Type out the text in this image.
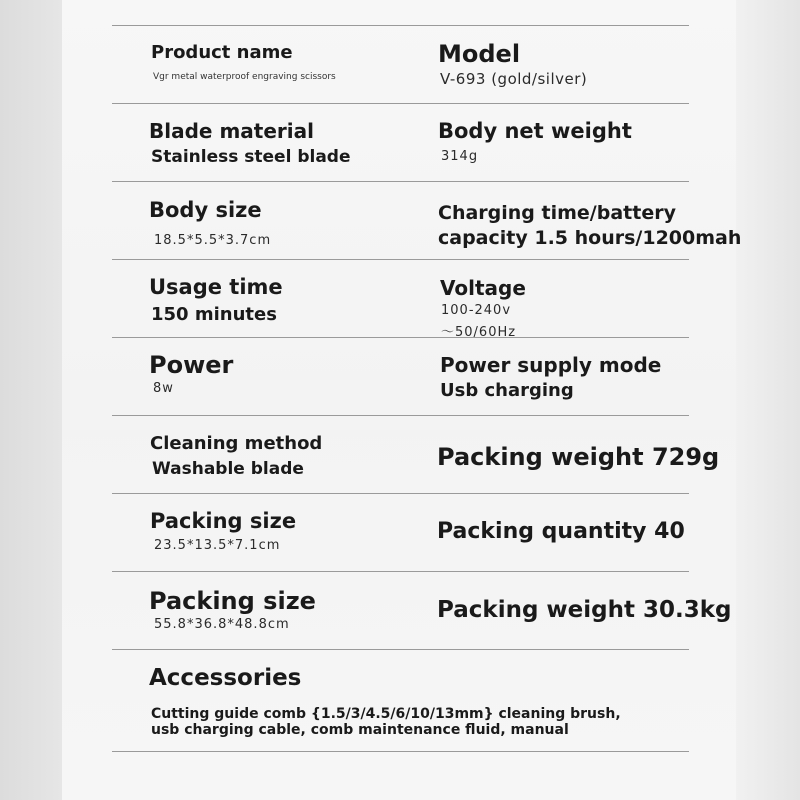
Product name
Vgr metal waterproof engraving scissors
Model
V-693 (gold/silver)
Blade material
Stainless steel blade
Body net weight
314g
Body size
18.5*5.5*3.7cm
Charging time/battery
capacity 1.5 hours/1200mah
Usage time
150 minutes
Voltage
100-240v
～50/60Hz
Power
8w
Power supply mode
Usb charging
Cleaning method
Washable blade	Packing weight 729g
Packing size
23.5*13.5*7.1cm
Packing quantity 40
Packing size
55.8*36.8*48.8cm
Packing weight 30.3kg
Accessories
Cutting guide comb {1.5/3/4.5/6/10/13mm} cleaning brush,
usb charging cable, comb maintenance fluid, manual
